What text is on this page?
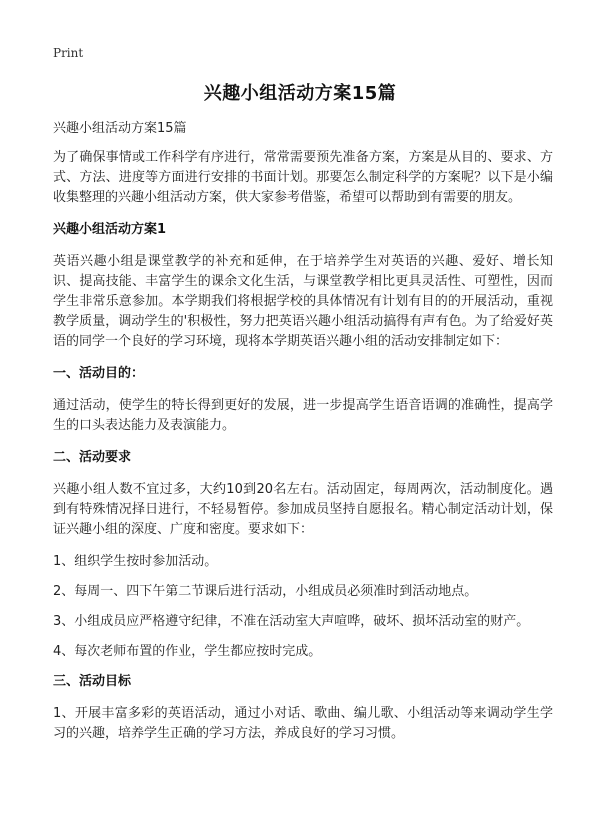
Print
兴趣小组活动方案15篇

兴趣小组活动方案15篇

为了确保事情或工作科学有序进行，常常需要预先准备方案，方案是从目的、要求、方式、方法、进度等方面进行安排的书面计划。那要怎么制定科学的方案呢？以下是小编收集整理的兴趣小组活动方案，供大家参考借鉴，希望可以帮助到有需要的朋友。

兴趣小组活动方案1

英语兴趣小组是课堂教学的补充和延伸，在于培养学生对英语的兴趣、爱好、增长知识、提高技能、丰富学生的课余文化生活，与课堂教学相比更具灵活性、可塑性，因而学生非常乐意参加。本学期我们将根据学校的具体情况有计划有目的的开展活动，重视教学质量，调动学生的'积极性，努力把英语兴趣小组活动搞得有声有色。为了给爱好英语的同学一个良好的学习环境，现将本学期英语兴趣小组的活动安排制定如下：

一、活动目的：

通过活动，使学生的特长得到更好的发展，进一步提高学生语音语调的准确性，提高学生的口头表达能力及表演能力。

二、活动要求

兴趣小组人数不宜过多，大约10到20名左右。活动固定，每周两次，活动制度化。遇到有特殊情况择日进行，不轻易暂停。参加成员坚持自愿报名。精心制定活动计划，保证兴趣小组的深度、广度和密度。要求如下：

1、组织学生按时参加活动。

2、每周一、四下午第二节课后进行活动，小组成员必须准时到活动地点。

3、小组成员应严格遵守纪律，不准在活动室大声喧哗，破坏、损坏活动室的财产。

4、每次老师布置的作业，学生都应按时完成。

三、活动目标

1、开展丰富多彩的英语活动，通过小对话、歌曲、编儿歌、小组活动等来调动学生学习的兴趣，培养学生正确的学习方法，养成良好的学习习惯。
